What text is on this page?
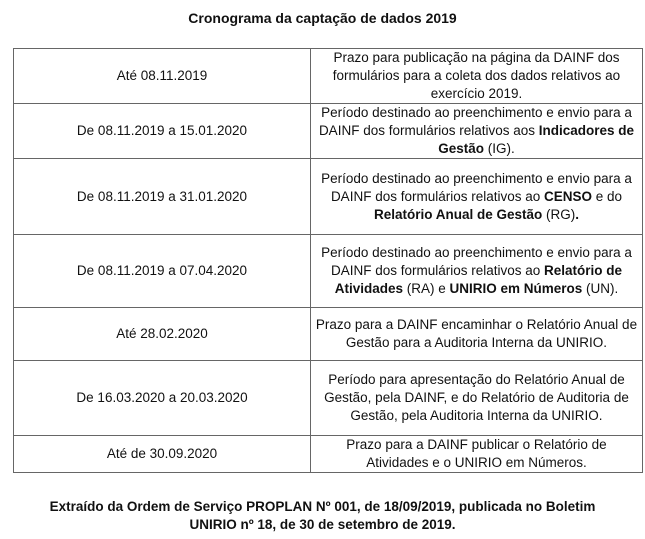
Cronograma da captação de dados 2019
Até 08.11.2019	Prazo para publicação na página da DAINF dos formulários para a coleta dos dados relativos ao exercício 2019.
De 08.11.2019 a 15.01.2020	Período destinado ao preenchimento e envio para a DAINF dos formulários relativos aos Indicadores de Gestão (IG).
De 08.11.2019 a 31.01.2020	Período destinado ao preenchimento e envio para a DAINF dos formulários relativos ao CENSO e do Relatório Anual de Gestão (RG).
De 08.11.2019 a 07.04.2020	Período destinado ao preenchimento e envio para a DAINF dos formulários relativos ao Relatório de Atividades (RA) e UNIRIO em Números (UN).
Até 28.02.2020	Prazo para a DAINF encaminhar o Relatório Anual de Gestão para a Auditoria Interna da UNIRIO.
De 16.03.2020 a 20.03.2020	Período para apresentação do Relatório Anual de Gestão, pela DAINF, e do Relatório de Auditoria de Gestão, pela Auditoria Interna da UNIRIO.
Até de 30.09.2020	Prazo para a DAINF publicar o Relatório de Atividades e o UNIRIO em Números.

Extraído da Ordem de Serviço PROPLAN Nº 001, de 18/09/2019, publicada no Boletim UNIRIO nº 18, de 30 de setembro de 2019.
